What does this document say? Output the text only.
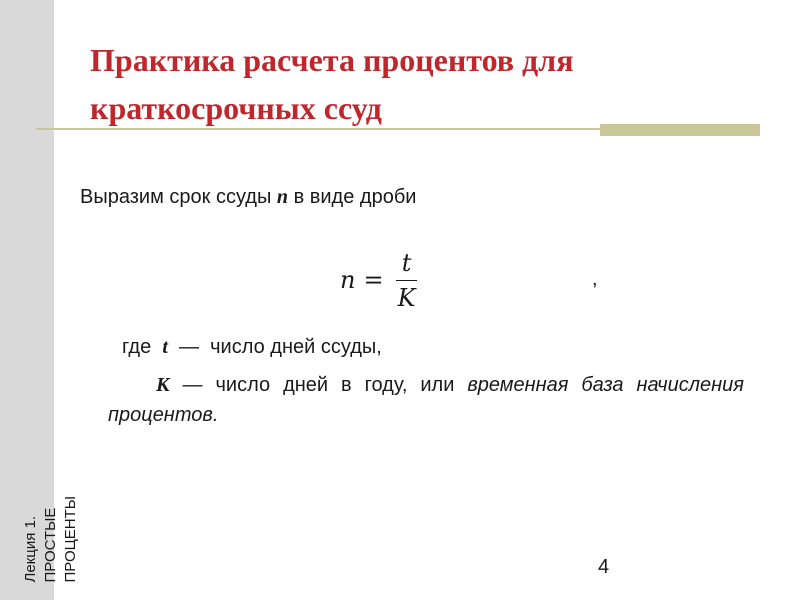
Лекция 1. ПРОСТЫЕ ПРОЦЕНТЫ
Практика расчета процентов для краткосрочных ссуд
Выразим срок ссуды n в виде дроби
$n = \frac{t}{K}$	,
где t — число дней ссуды,
К — число дней в году, или временная база начисления процентов.
4
